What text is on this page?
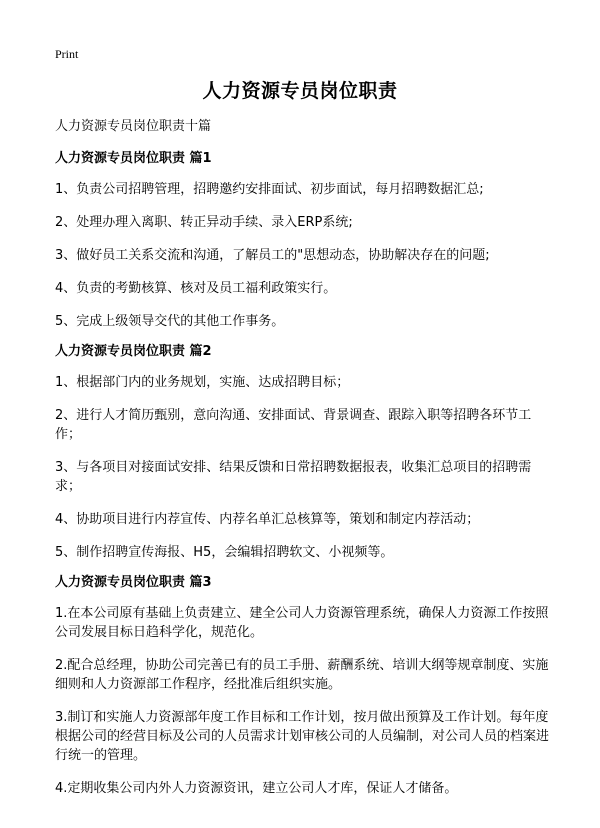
Print
人力资源专员岗位职责
人力资源专员岗位职责十篇
人力资源专员岗位职责 篇1
1、负责公司招聘管理，招聘邀约安排面试、初步面试，每月招聘数据汇总;
2、处理办理入离职、转正异动手续、录入ERP系统;
3、做好员工关系交流和沟通，了解员工的"思想动态，协助解决存在的问题;
4、负责的考勤核算、核对及员工福利政策实行。
5、完成上级领导交代的其他工作事务。
人力资源专员岗位职责 篇2
1、根据部门内的业务规划，实施、达成招聘目标；
2、进行人才简历甄别，意向沟通、安排面试、背景调查、跟踪入职等招聘各环节工作；
3、与各项目对接面试安排、结果反馈和日常招聘数据报表，收集汇总项目的招聘需求；
4、协助项目进行内荐宣传、内荐名单汇总核算等，策划和制定内荐活动；
5、制作招聘宣传海报、H5，会编辑招聘软文、小视频等。
人力资源专员岗位职责 篇3
1.在本公司原有基础上负责建立、建全公司人力资源管理系统，确保人力资源工作按照公司发展目标日趋科学化，规范化。
2.配合总经理，协助公司完善已有的员工手册、薪酬系统、培训大纲等规章制度、实施细则和人力资源部工作程序，经批准后组织实施。
3.制订和实施人力资源部年度工作目标和工作计划，按月做出预算及工作计划。每年度根据公司的经营目标及公司的人员需求计划审核公司的人员编制，对公司人员的档案进行统一的管理。
4.定期收集公司内外人力资源资讯，建立公司人才库，保证人才储备。
